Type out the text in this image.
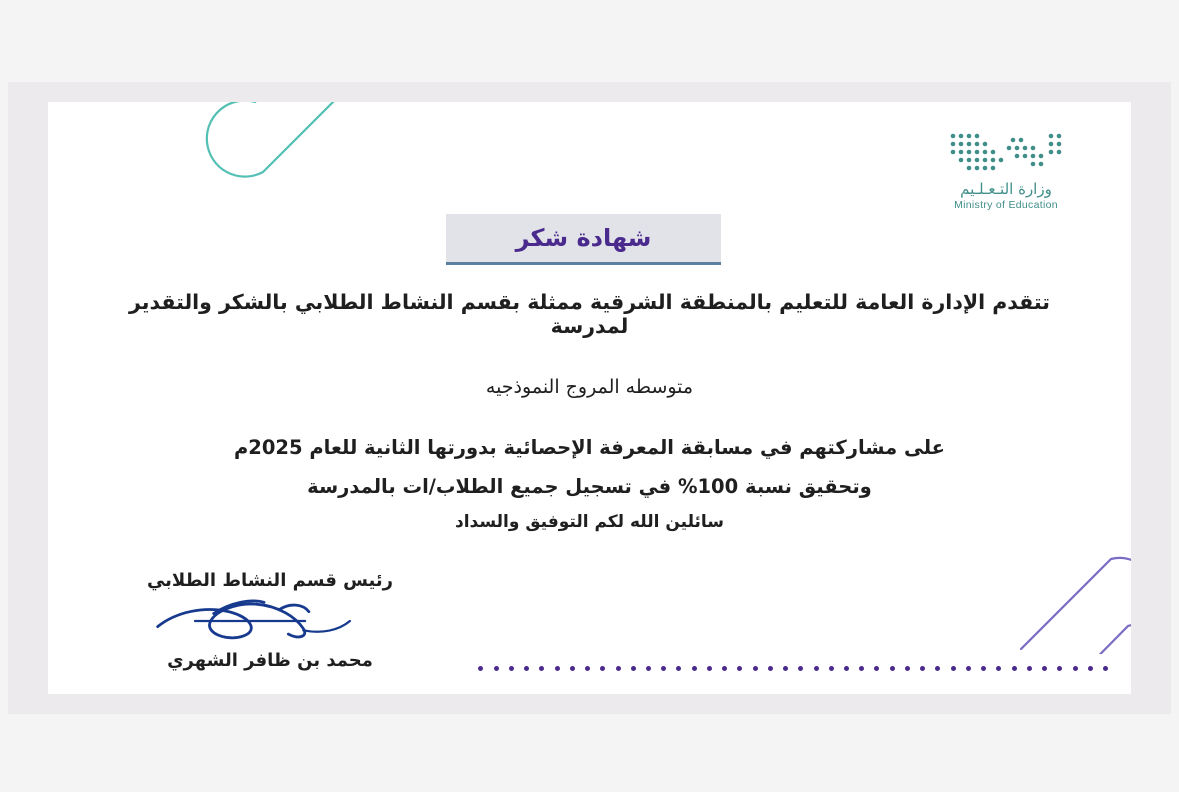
وزارة التـعـلـيم
Ministry of Education
شهادة شكر

تتقدم الإدارة العامة للتعليم بالمنطقة الشرقية ممثلة بقسم النشاط الطلابي بالشكر والتقدير لمدرسة

متوسطه المروج النموذجيه

على مشاركتهم في مسابقة المعرفة الإحصائية بدورتها الثانية للعام 2025م

وتحقيق نسبة 100% في تسجيل جميع الطلاب/ات بالمدرسة

سائلين الله لكم التوفيق والسداد

رئيس قسم النشاط الطلابي
محمد بن ظافر الشهري
